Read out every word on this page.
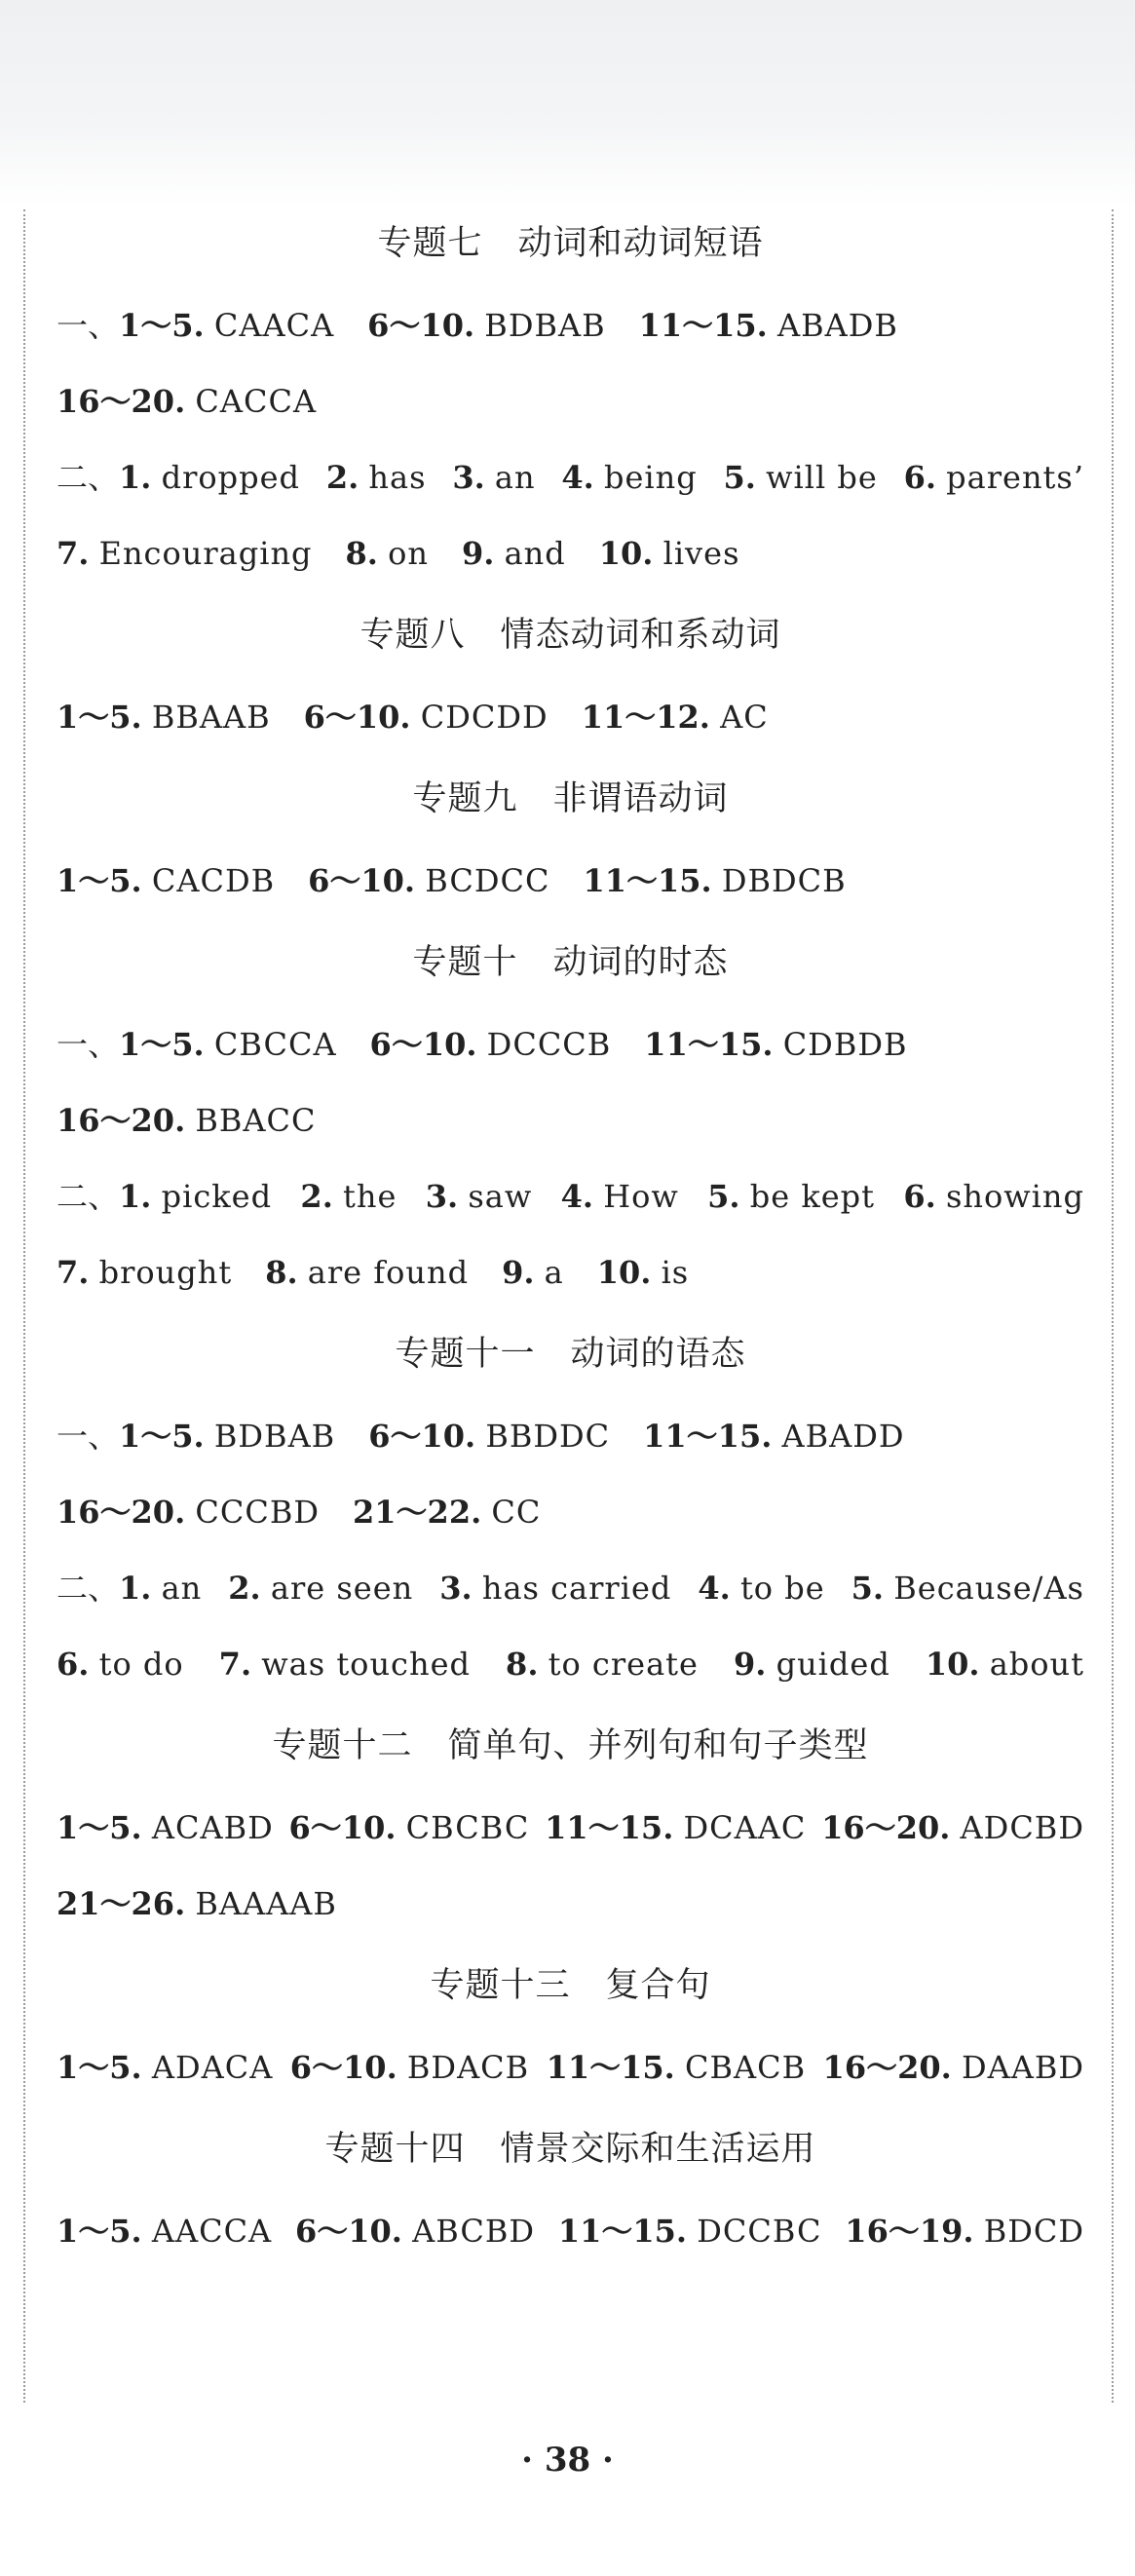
专题七　动词和动词短语
一、1～5. CAACA 6～10. BDBAB 11～15. ABADB
16～20. CACCA
二、1. dropped 2. has 3. an 4. being 5. will be 6. parents’
7. Encouraging 8. on 9. and 10. lives
专题八　情态动词和系动词
1～5. BBAAB 6～10. CDCDD 11～12. AC
专题九　非谓语动词
1～5. CACDB 6～10. BCDCC 11～15. DBDCB
专题十　动词的时态
一、1～5. CBCCA 6～10. DCCCB 11～15. CDBDB
16～20. BBACC
二、1. picked 2. the 3. saw 4. How 5. be kept 6. showing
7. brought 8. are found 9. a 10. is
专题十一　动词的语态
一、1～5. BDBAB 6～10. BBDDC 11～15. ABADD
16～20. CCCBD 21～22. CC
二、1. an 2. are seen 3. has carried 4. to be 5. Because/As
6. to do 7. was touched 8. to create 9. guided 10. about
专题十二　简单句、并列句和句子类型
1～5. ACABD 6～10. CBCBC 11～15. DCAAC 16～20. ADCBD
21～26. BAAAAB
专题十三　复合句
1～5. ADACA 6～10. BDACB 11～15. CBACB 16～20. DAABD
专题十四　情景交际和生活运用
1～5. AACCA 6～10. ABCBD 11～15. DCCBC 16～19. BDCD
· 38 ·
